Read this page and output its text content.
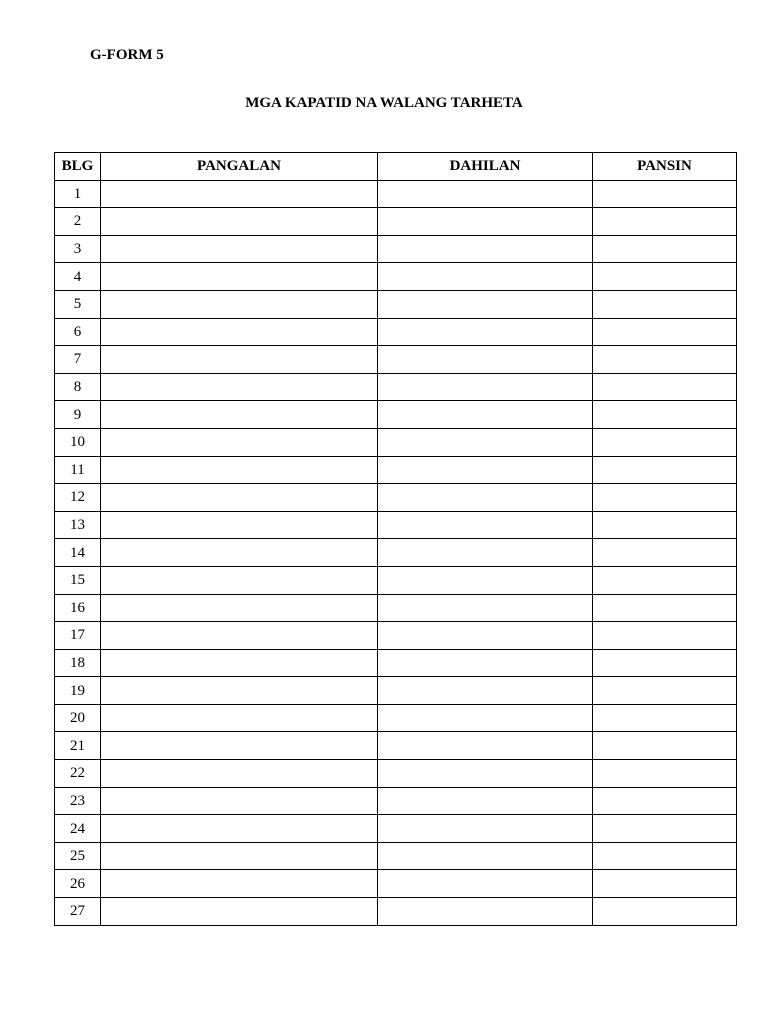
G-FORM 5
MGA KAPATID NA WALANG TARHETA
BLG	PANGALAN	DAHILAN	PANSIN
1			
2			
3			
4			
5			
6			
7			
8			
9			
10			
11			
12			
13			
14			
15			
16			
17			
18			
19			
20			
21			
22			
23			
24			
25			
26			
27			
